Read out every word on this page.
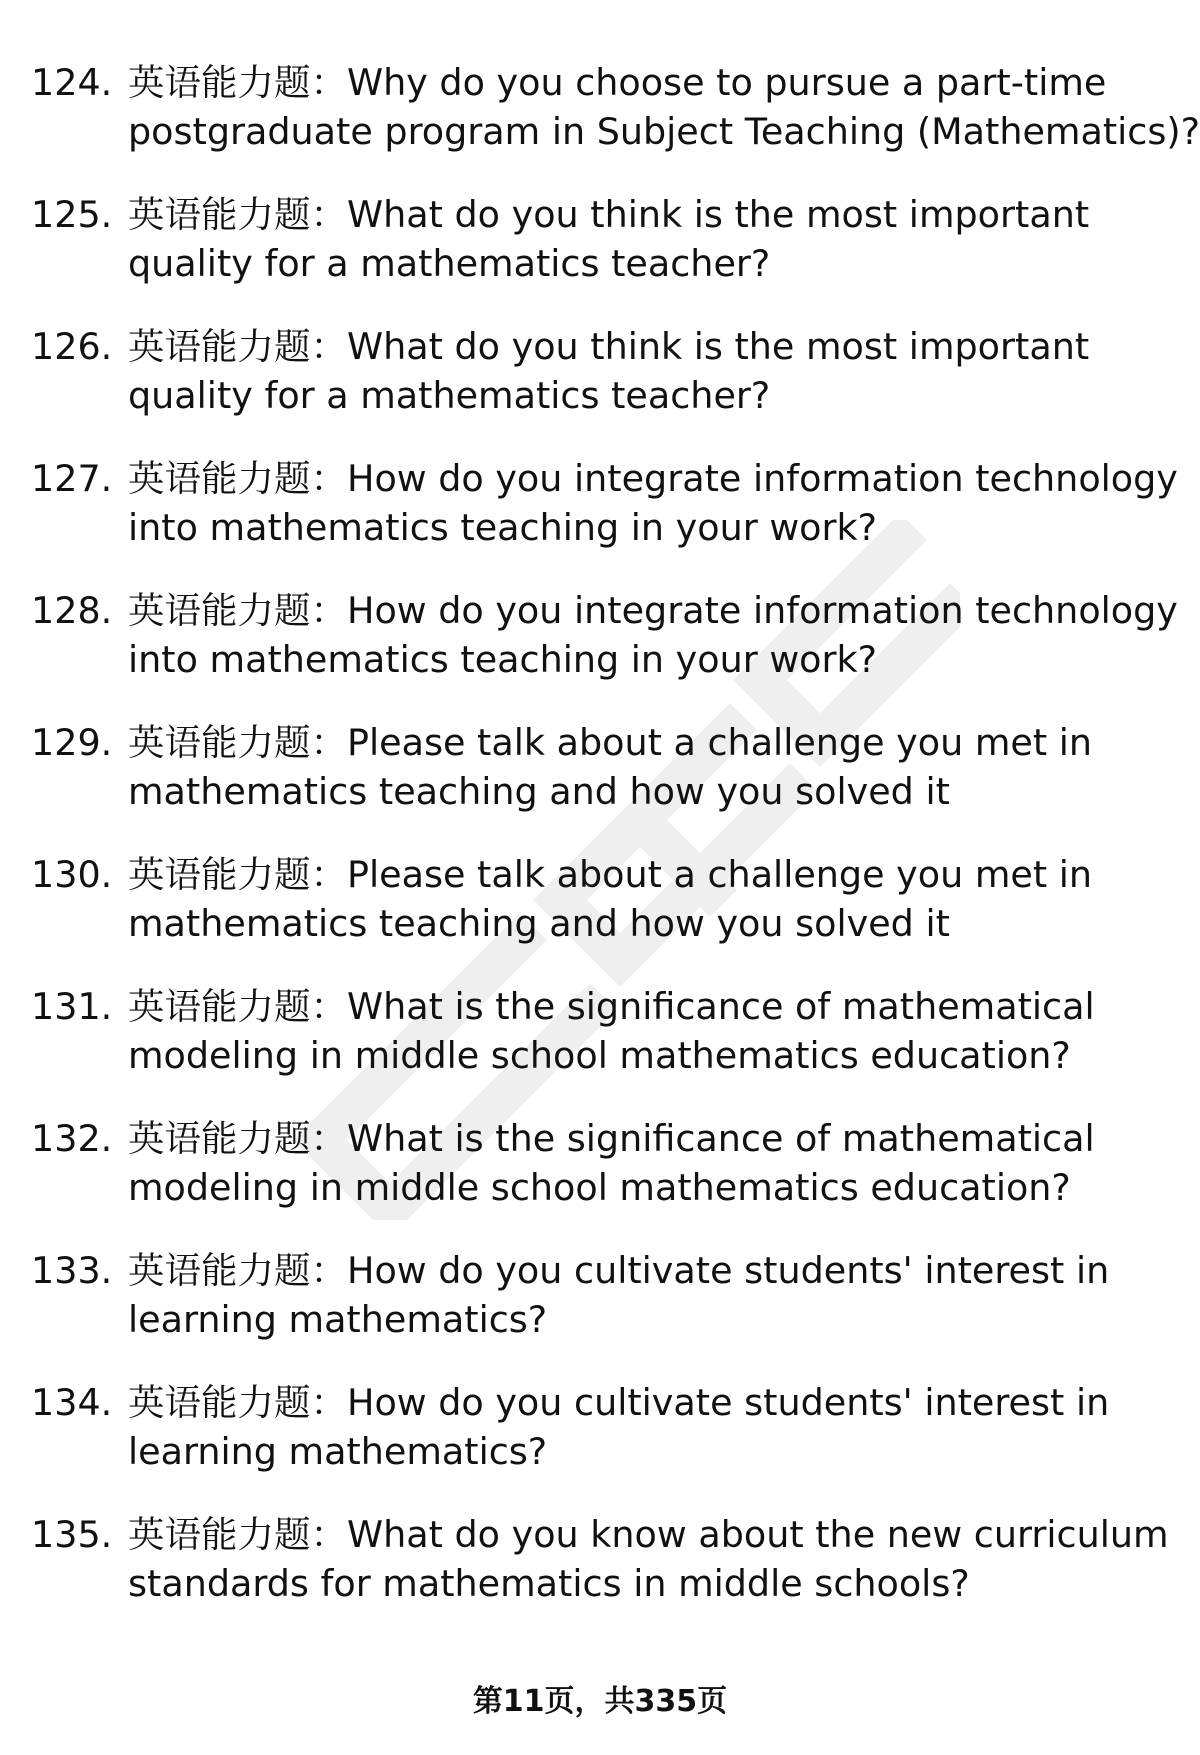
124. 英语能力题：Why do you choose to pursue a part-time
postgraduate program in Subject Teaching (Mathematics)?
125. 英语能力题：What do you think is the most important
quality for a mathematics teacher?
126. 英语能力题：What do you think is the most important
quality for a mathematics teacher?
127. 英语能力题：How do you integrate information technology
into mathematics teaching in your work?
128. 英语能力题：How do you integrate information technology
into mathematics teaching in your work?
129. 英语能力题：Please talk about a challenge you met in
mathematics teaching and how you solved it
130. 英语能力题：Please talk about a challenge you met in
mathematics teaching and how you solved it
131. 英语能力题：What is the significance of mathematical
modeling in middle school mathematics education?
132. 英语能力题：What is the significance of mathematical
modeling in middle school mathematics education?
133. 英语能力题：How do you cultivate students' interest in
learning mathematics?
134. 英语能力题：How do you cultivate students' interest in
learning mathematics?
135. 英语能力题：What do you know about the new curriculum
standards for mathematics in middle schools?
第11页，共335页
